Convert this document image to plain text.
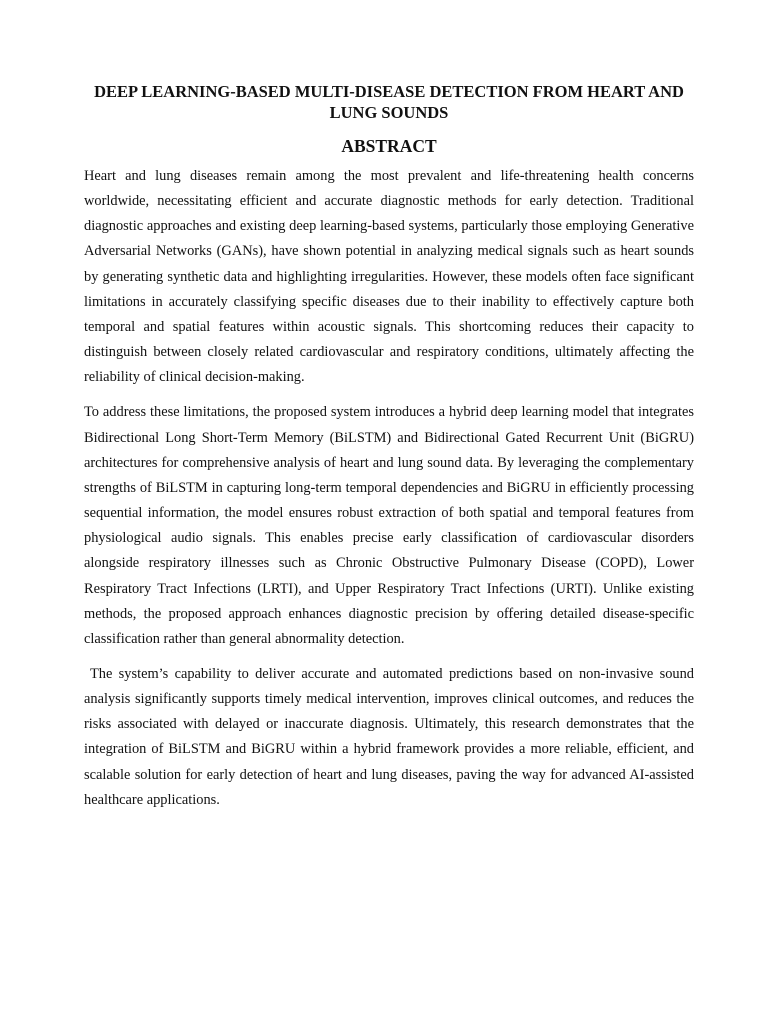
DEEP LEARNING-BASED MULTI-DISEASE DETECTION FROM HEART AND LUNG SOUNDS
ABSTRACT

Heart and lung diseases remain among the most prevalent and life-threatening health concerns worldwide, necessitating efficient and accurate diagnostic methods for early detection. Traditional diagnostic approaches and existing deep learning-based systems, particularly those employing Generative Adversarial Networks (GANs), have shown potential in analyzing medical signals such as heart sounds by generating synthetic data and highlighting irregularities. However, these models often face significant limitations in accurately classifying specific diseases due to their inability to effectively capture both temporal and spatial features within acoustic signals. This shortcoming reduces their capacity to distinguish between closely related cardiovascular and respiratory conditions, ultimately affecting the reliability of clinical decision-making.

To address these limitations, the proposed system introduces a hybrid deep learning model that integrates Bidirectional Long Short-Term Memory (BiLSTM) and Bidirectional Gated Recurrent Unit (BiGRU) architectures for comprehensive analysis of heart and lung sound data. By leveraging the complementary strengths of BiLSTM in capturing long-term temporal dependencies and BiGRU in efficiently processing sequential information, the model ensures robust extraction of both spatial and temporal features from physiological audio signals. This enables precise early classification of cardiovascular disorders alongside respiratory illnesses such as Chronic Obstructive Pulmonary Disease (COPD), Lower Respiratory Tract Infections (LRTI), and Upper Respiratory Tract Infections (URTI). Unlike existing methods, the proposed approach enhances diagnostic precision by offering detailed disease-specific classification rather than general abnormality detection.

The system’s capability to deliver accurate and automated predictions based on non-invasive sound analysis significantly supports timely medical intervention, improves clinical outcomes, and reduces the risks associated with delayed or inaccurate diagnosis. Ultimately, this research demonstrates that the integration of BiLSTM and BiGRU within a hybrid framework provides a more reliable, efficient, and scalable solution for early detection of heart and lung diseases, paving the way for advanced AI-assisted healthcare applications.
